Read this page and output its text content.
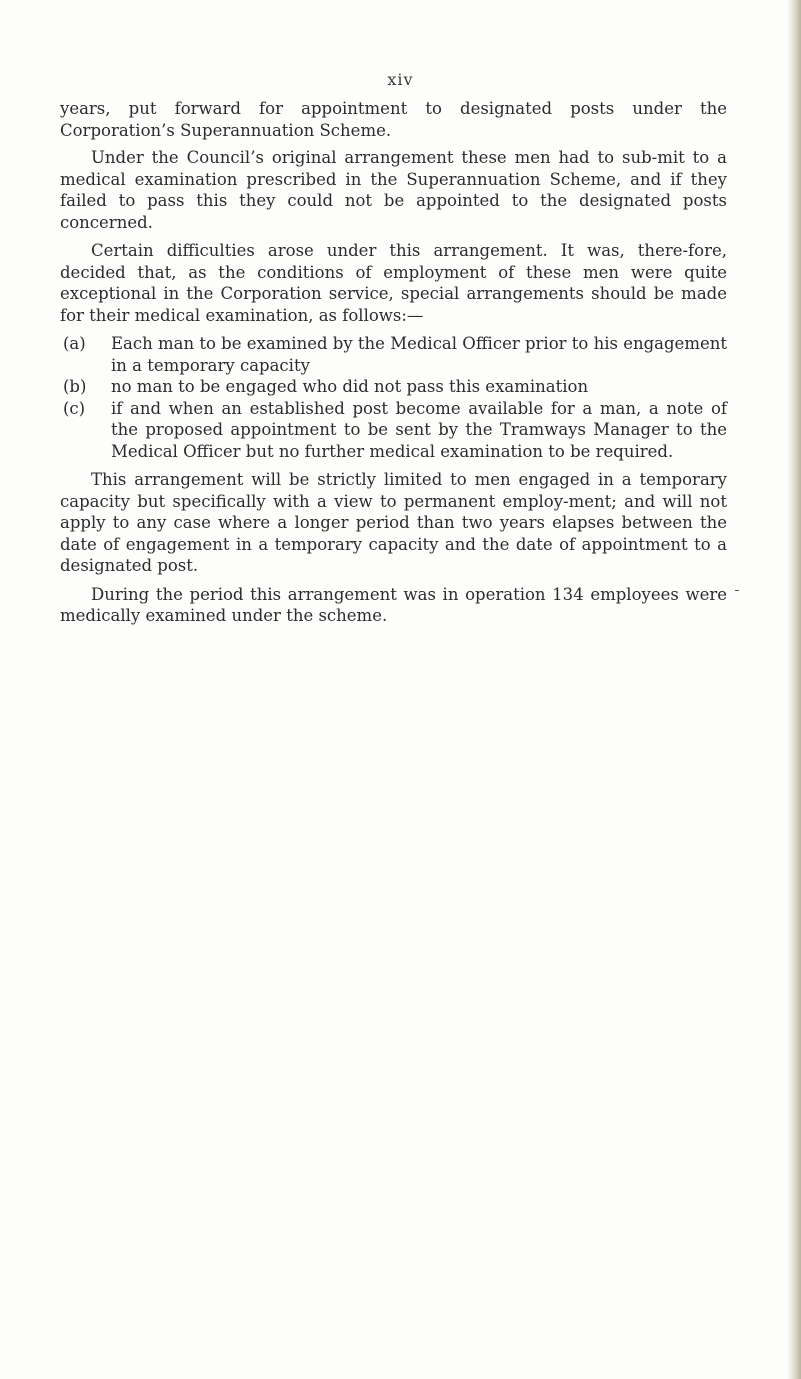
xiv

years, put forward for appointment to designated posts under the Corporation’s Superannuation Scheme.

Under the Council’s original arrangement these men had to sub-mit to a medical examination prescribed in the Superannuation Scheme, and if they failed to pass this they could not be appointed to the designated posts concerned.

Certain difficulties arose under this arrangement. It was, there-fore, decided that, as the conditions of employment of these men were quite exceptional in the Corporation service, special arrangements should be made for their medical examination, as follows:—

(a)	Each man to be examined by the Medical Officer prior to his engagement in a temporary capacity
(b)	no man to be engaged who did not pass this examination
(c)	if and when an established post become available for a man, a note of the proposed appointment to be sent by the Tramways Manager to the Medical Officer but no further medical examination to be required.

This arrangement will be strictly limited to men engaged in a temporary capacity but specifically with a view to permanent employ-ment; and will not apply to any case where a longer period than two years elapses between the date of engagement in a temporary capacity and the date of appointment to a designated post.

During the period this arrangement was in operation 134 employees were medically examined under the scheme.
